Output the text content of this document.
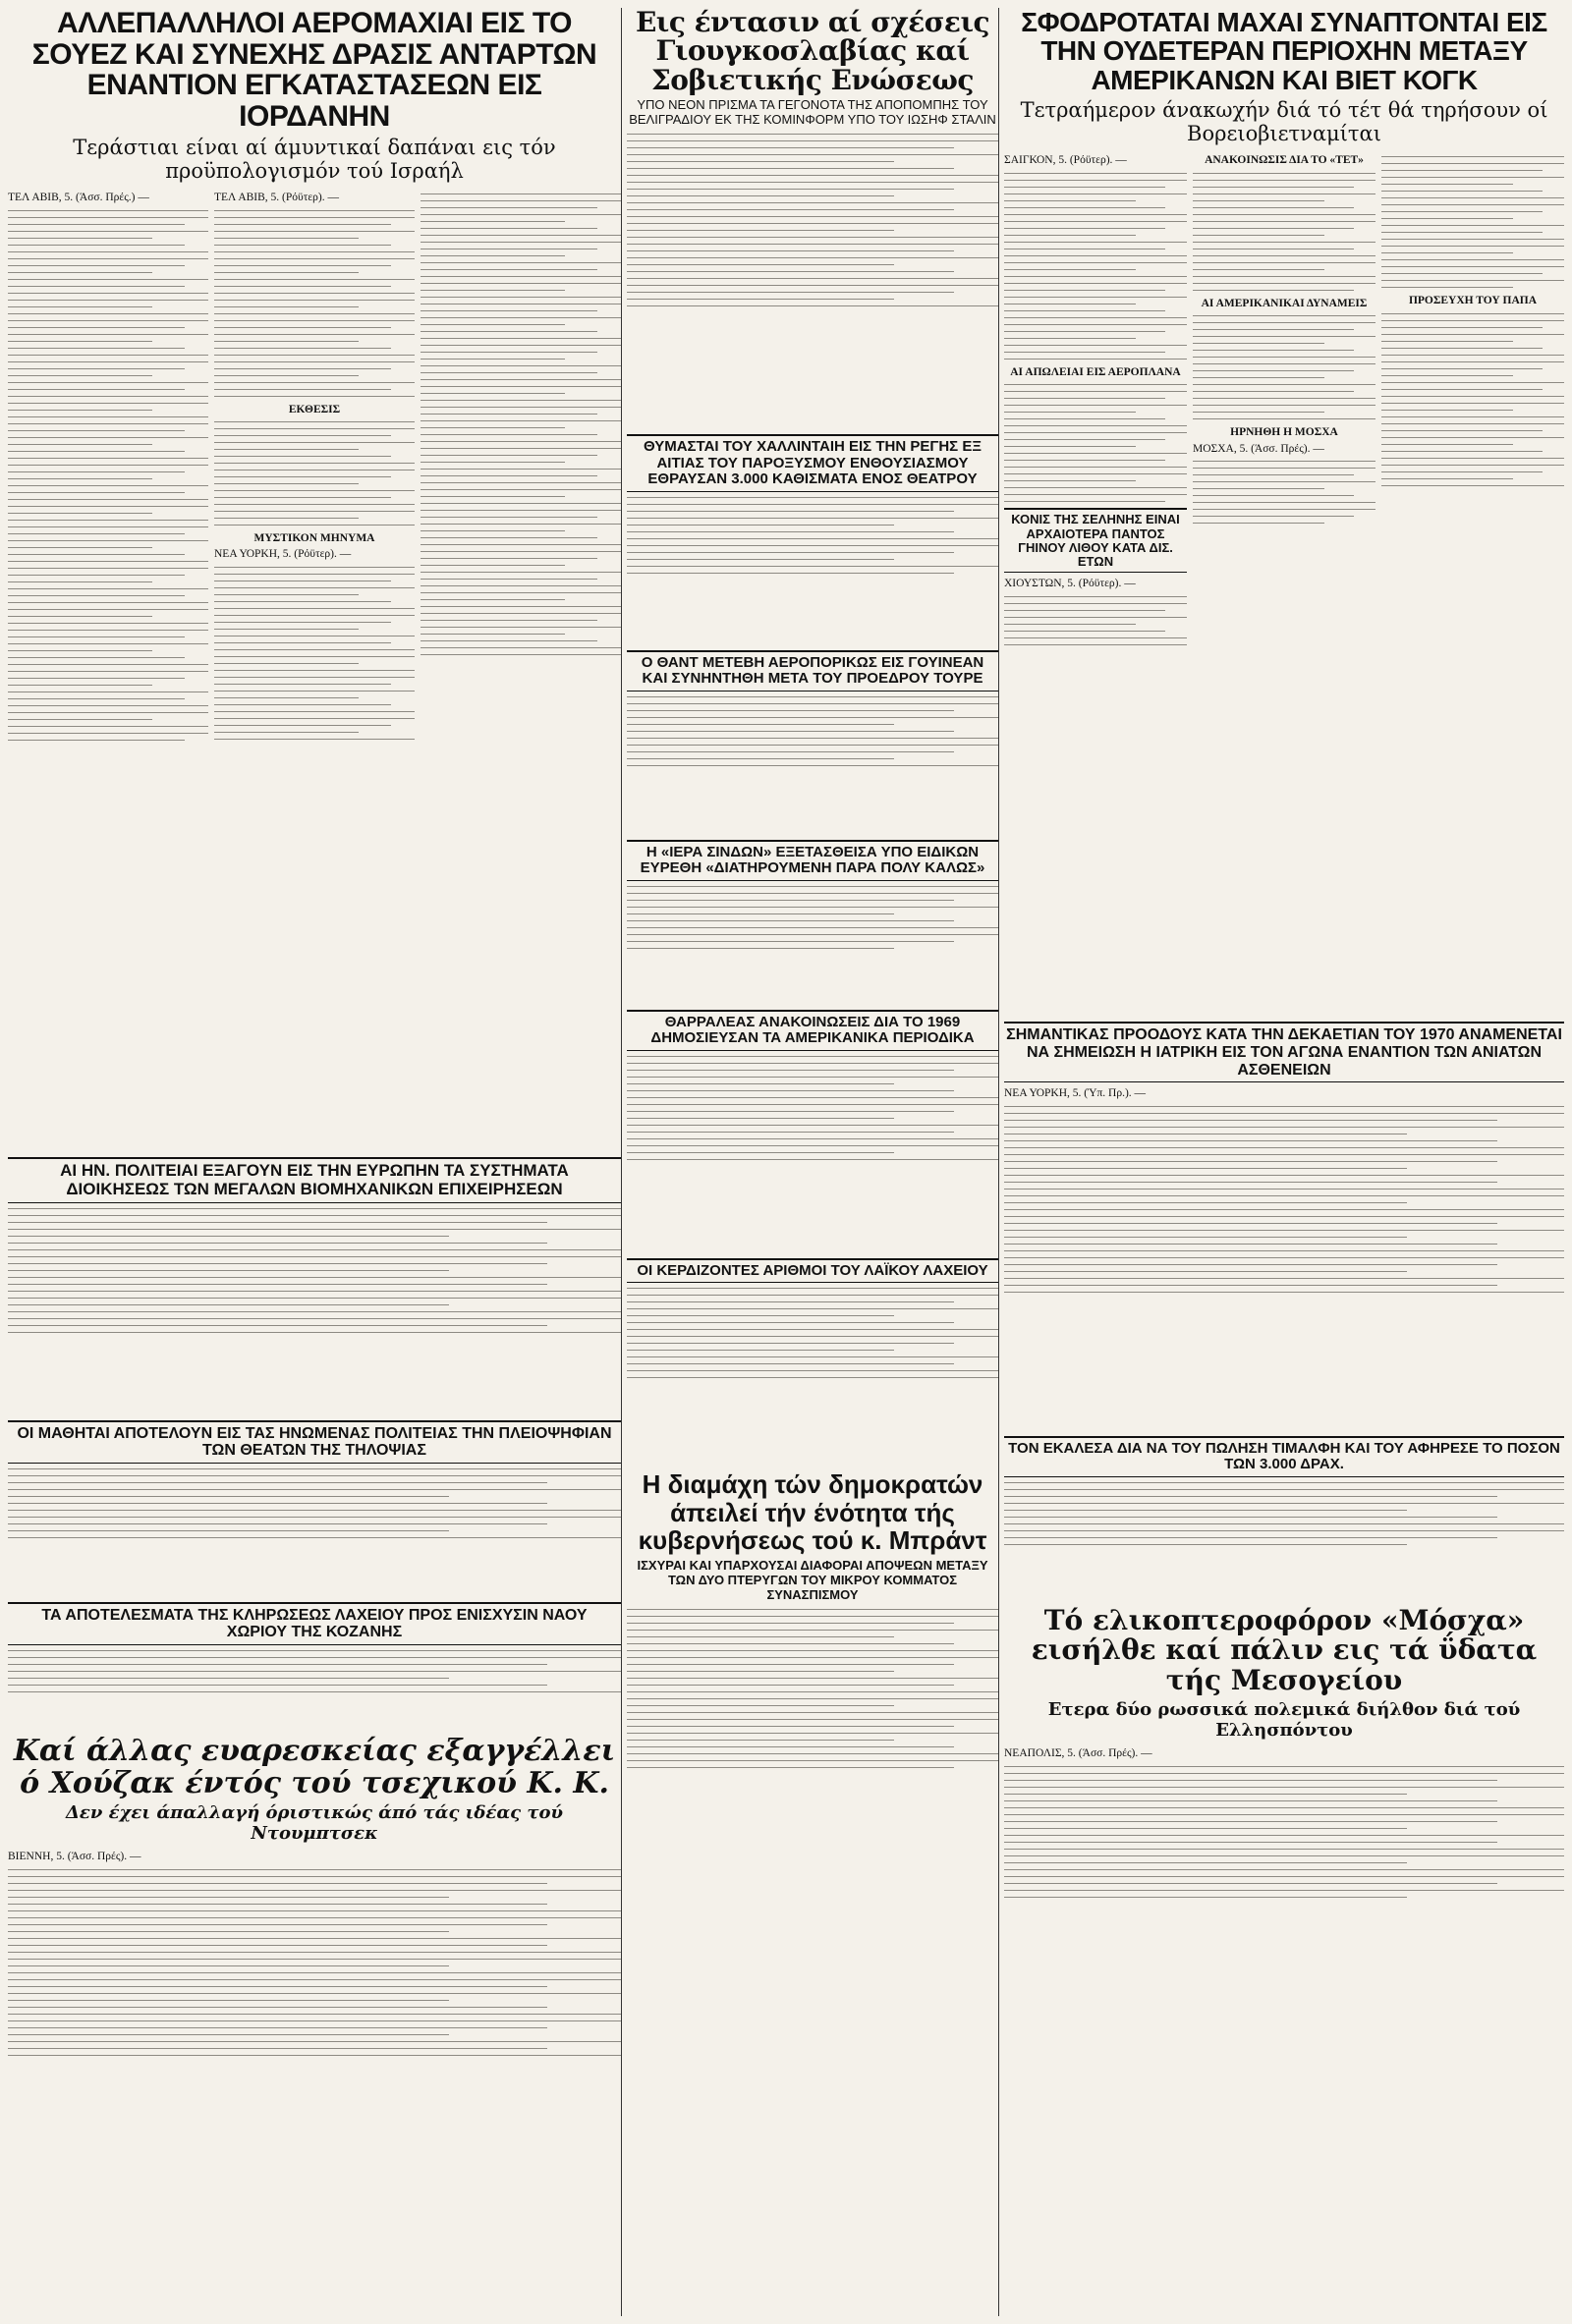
ΑΛΛΕΠΑΛΛΗΛΟΙ ΑΕΡΟΜΑΧΙΑΙ ΕΙΣ ΤΟ ΣΟΥΕΖ ΚΑΙ ΣΥΝΕΧΗΣ ΔΡΑΣΙΣ ΑΝΤΑΡΤΩΝ ΕΝΑΝΤΙΟΝ ΕΓΚΑΤΑΣΤΑΣΕΩΝ ΕΙΣ ΙΟΡΔΑΝΗΝ
Τεράστιαι είναι αί άμυντικαί δαπάναι εις τόν προϋπολογισμόν τού Ισραήλ
ΤΕΛ ΑΒΙΒ, 5. (Άσσ. Πρές.) —	ΤΕΛ ΑΒΙΒ, 5. (Ρόϋτερ). —
ΕΚΘΕΣΙΣ
ΜΥΣΤΙΚΟΝ ΜΗΝΥΜΑ
ΝΕΑ ΥΟΡΚΗ, 5. (Ρόϋτερ). —
ΑΙ ΗΝ. ΠΟΛΙΤΕΙΑΙ ΕΞΑΓΟΥΝ ΕΙΣ ΤΗΝ ΕΥΡΩΠΗΝ ΤΑ ΣΥΣΤΗΜΑΤΑ ΔΙΟΙΚΗΣΕΩΣ ΤΩΝ ΜΕΓΑΛΩΝ ΒΙΟΜΗΧΑΝΙΚΩΝ ΕΠΙΧΕΙΡΗΣΕΩΝ
ΟΙ ΜΑΘΗΤΑΙ ΑΠΟΤΕΛΟΥΝ ΕΙΣ ΤΑΣ ΗΝΩΜΕΝΑΣ ΠΟΛΙΤΕΙΑΣ ΤΗΝ ΠΛΕΙΟΨΗΦΙΑΝ ΤΩΝ ΘΕΑΤΩΝ ΤΗΣ ΤΗΛΟΨΙΑΣ
ΤΑ ΑΠΟΤΕΛΕΣΜΑΤΑ ΤΗΣ ΚΛΗΡΩΣΕΩΣ ΛΑΧΕΙΟΥ ΠΡΟΣ ΕΝΙΣΧΥΣΙΝ ΝΑΟΥ ΧΩΡΙΟΥ ΤΗΣ ΚΟΖΑΝΗΣ
Καί άλλας ευαρεσκείας εξαγγέλλει ό Χούζακ έντός τού τσεχικού Κ. Κ.
Δεν έχει άπαλλαγή όριστικώς άπό τάς ιδέας τού Ντουμπτσεκ
ΒΙΕΝΝΗ, 5. (Άσσ. Πρές). —
Εις έντασιν αί σχέσεις Γιουγκοσλαβίας καί Σοβιετικής Ενώσεως
ΥΠΟ ΝΕΟΝ ΠΡΙΣΜΑ ΤΑ ΓΕΓΟΝΟΤΑ ΤΗΣ ΑΠΟΠΟΜΠΗΣ ΤΟΥ ΒΕΛΙΓΡΑΔΙΟΥ ΕΚ ΤΗΣ ΚΟΜΙΝΦΟΡΜ ΥΠΟ ΤΟΥ ΙΩΣΗΦ ΣΤΑΛΙΝ
ΘΥΜΑΣΤΑΙ ΤΟΥ ΧΑΛΛΙΝΤΑΙΗ ΕΙΣ ΤΗΝ ΡΕΓΗΣ ΕΞ ΑΙΤΙΑΣ ΤΟΥ ΠΑΡΟΞΥΣΜΟΥ ΕΝΘΟΥΣΙΑΣΜΟΥ ΕΘΡΑΥΣΑΝ 3.000 ΚΑΘΙΣΜΑΤΑ ΕΝΟΣ ΘΕΑΤΡΟΥ
Ο ΘΑΝΤ ΜΕΤΕΒΗ ΑΕΡΟΠΟΡΙΚΩΣ ΕΙΣ ΓΟΥΙΝΕΑΝ ΚΑΙ ΣΥΝΗΝΤΗΘΗ ΜΕΤΑ ΤΟΥ ΠΡΟΕΔΡΟΥ ΤΟΥΡΕ
Η «ΙΕΡΑ ΣΙΝΔΩΝ» ΕΞΕΤΑΣΘΕΙΣΑ ΥΠΟ ΕΙΔΙΚΩΝ ΕΥΡΕΘΗ «ΔΙΑΤΗΡΟΥΜΕΝΗ ΠΑΡΑ ΠΟΛΥ ΚΑΛΩΣ»
ΘΑΡΡΑΛΕΑΣ ΑΝΑΚΟΙΝΩΣΕΙΣ ΔΙΑ ΤΟ 1969 ΔΗΜΟΣΙΕΥΣΑΝ ΤΑ ΑΜΕΡΙΚΑΝΙΚΑ ΠΕΡΙΟΔΙΚΑ
ΟΙ ΚΕΡΔΙΖΟΝΤΕΣ ΑΡΙΘΜΟΙ ΤΟΥ ΛΑΪΚΟΥ ΛΑΧΕΙΟΥ
Η διαμάχη τών δημοκρατών άπειλεί τήν ένότητα τής κυβερνήσεως τού κ. Μπράντ
ΙΣΧΥΡΑΙ ΚΑΙ ΥΠΑΡΧΟΥΣΑΙ ΔΙΑΦΟΡΑΙ ΑΠΟΨΕΩΝ ΜΕΤΑΞΥ ΤΩΝ ΔΥΟ ΠΤΕΡΥΓΩΝ ΤΟΥ ΜΙΚΡΟΥ ΚΟΜΜΑΤΟΣ ΣΥΝΑΣΠΙΣΜΟΥ
ΣΦΟΔΡΟΤΑΤΑΙ ΜΑΧΑΙ ΣΥΝΑΠΤΟΝΤΑΙ ΕΙΣ ΤΗΝ ΟΥΔΕΤΕΡΑΝ ΠΕΡΙΟΧΗΝ ΜΕΤΑΞΥ ΑΜΕΡΙΚΑΝΩΝ ΚΑΙ ΒΙΕΤ ΚΟΓΚ
Τετραήμερον άνακωχήν διά τό τέτ θά τηρήσουν οί Βορειοβιετναμίται
ΣΑΙΓΚΟΝ, 5. (Ρόϋτερ). —
ΑΙ ΑΠΩΛΕΙΑΙ ΕΙΣ ΑΕΡΟΠΛΑΝΑ
ΚΟΝΙΣ ΤΗΣ ΣΕΛΗΝΗΣ ΕΙΝΑΙ ΑΡΧΑΙΟΤΕΡΑ ΠΑΝΤΟΣ ΓΗΙΝΟΥ ΛΙΘΟΥ ΚΑΤΑ ΔΙΣ. ΕΤΩΝ
ΧΙΟΥΣΤΩΝ, 5. (Ρόϋτερ). —
ΑΝΑΚΟΙΝΩΣΙΣ ΔΙΑ ΤΟ «ΤΕΤ»
ΑΙ ΑΜΕΡΙΚΑΝΙΚΑΙ ΔΥΝΑΜΕΙΣ
ΗΡΝΗΘΗ Η ΜΟΣΧΑ
ΜΟΣΧΑ, 5. (Άσσ. Πρές). —
ΠΡΟΣΕΥΧΗ ΤΟΥ ΠΑΠΑ
ΣΗΜΑΝΤΙΚΑΣ ΠΡΟΟΔΟΥΣ ΚΑΤΑ ΤΗΝ ΔΕΚΑΕΤΙΑΝ ΤΟΥ 1970 ΑΝΑΜΕΝΕΤΑΙ ΝΑ ΣΗΜΕΙΩΣΗ Η ΙΑΤΡΙΚΗ ΕΙΣ ΤΟΝ ΑΓΩΝΑ ΕΝΑΝΤΙΟΝ ΤΩΝ ΑΝΙΑΤΩΝ ΑΣΘΕΝΕΙΩΝ
ΝΕΑ ΥΟΡΚΗ, 5. (Ύπ. Πρ.). —
ΤΟΝ ΕΚΑΛΕΣΑ ΔΙΑ ΝΑ ΤΟΥ ΠΩΛΗΣΗ ΤΙΜΑΛΦΗ ΚΑΙ ΤΟΥ ΑΦΗΡΕΣΕ ΤΟ ΠΟΣΟΝ ΤΩΝ 3.000 ΔΡΑΧ.
Τό ελικοπτεροφόρον «Μόσχα» εισήλθε καί πάλιν εις τά ΰδατα τής Μεσογείου
Ετερα δύο ρωσσικά πολεμικά διήλθον διά τού Ελλησπόντου
ΝΕΑΠΟΛΙΣ, 5. (Άσσ. Πρές). —
